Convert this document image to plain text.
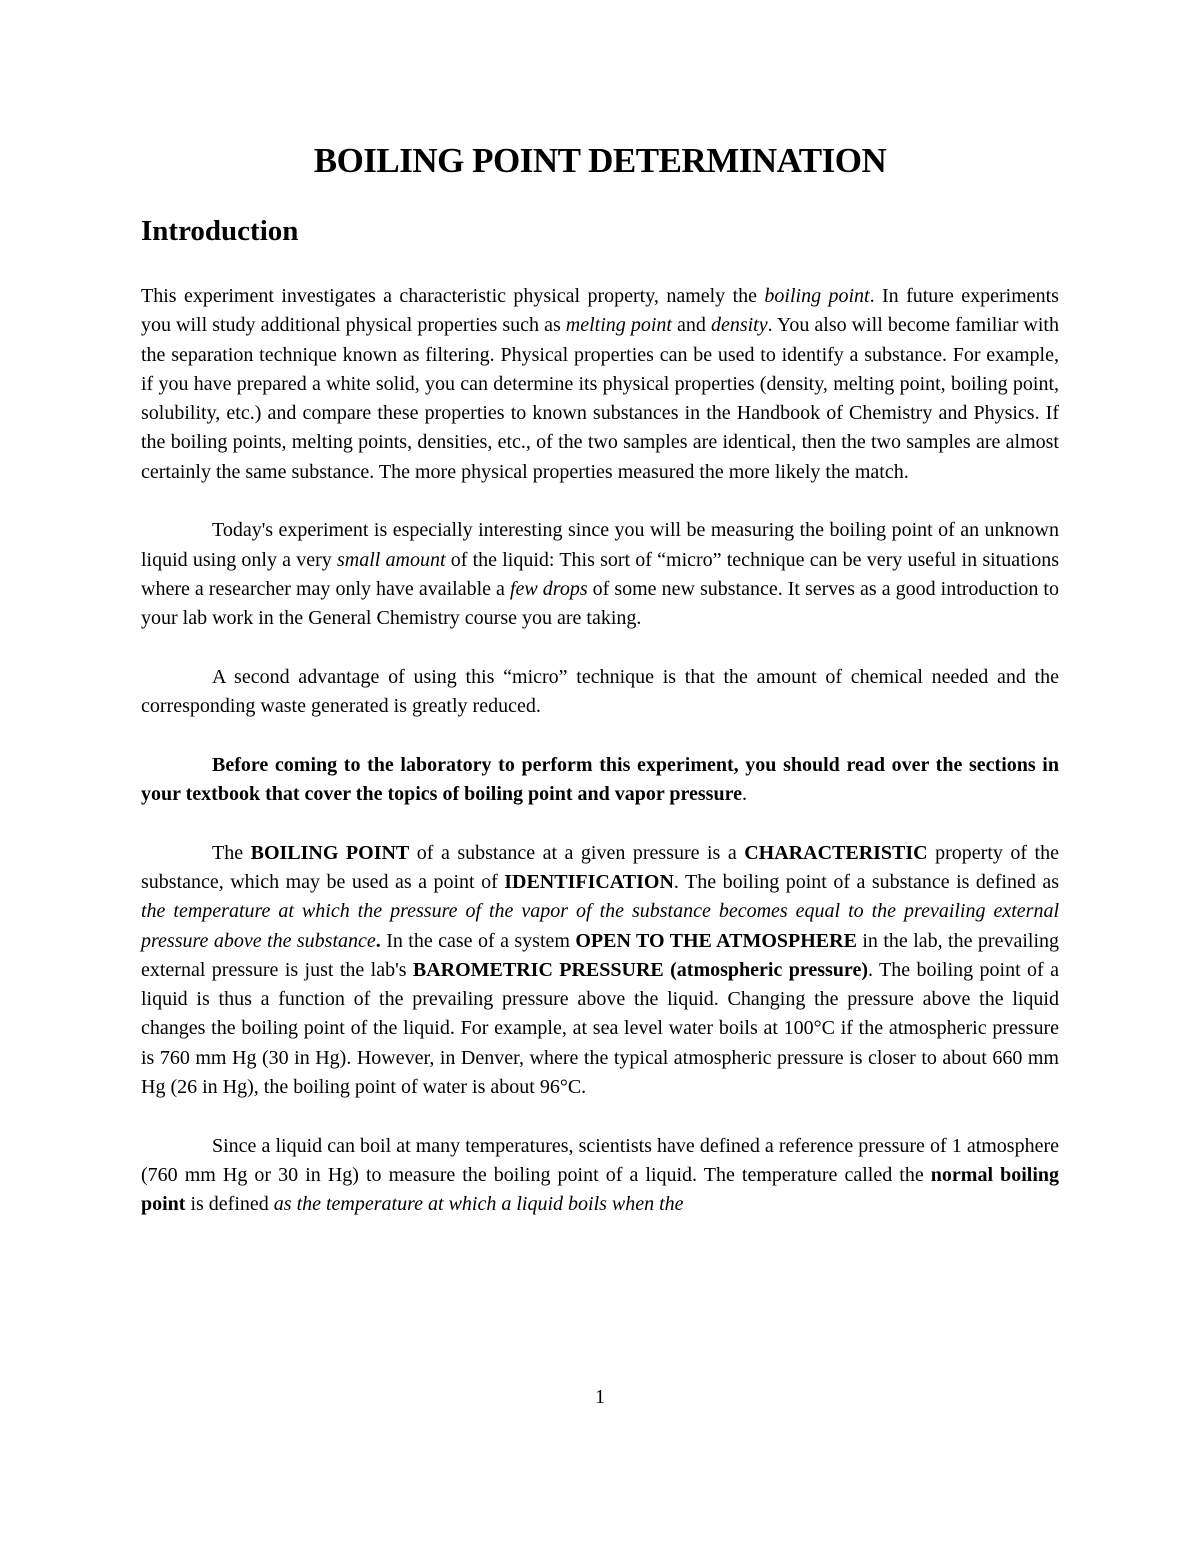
BOILING POINT DETERMINATION
Introduction

This experiment investigates a characteristic physical property, namely the boiling point. In future experiments you will study additional physical properties such as melting point and density. You also will become familiar with the separation technique known as filtering. Physical properties can be used to identify a substance. For example, if you have prepared a white solid, you can determine its physical properties (density, melting point, boiling point, solubility, etc.) and compare these properties to known substances in the Handbook of Chemistry and Physics. If the boiling points, melting points, densities, etc., of the two samples are identical, then the two samples are almost certainly the same substance. The more physical properties measured the more likely the match.

Today's experiment is especially interesting since you will be measuring the boiling point of an unknown liquid using only a very small amount of the liquid: This sort of “micro” technique can be very useful in situations where a researcher may only have available a few drops of some new substance. It serves as a good introduction to your lab work in the General Chemistry course you are taking.

A second advantage of using this “micro” technique is that the amount of chemical needed and the corresponding waste generated is greatly reduced.

Before coming to the laboratory to perform this experiment, you should read over the sections in your textbook that cover the topics of boiling point and vapor pressure.

The BOILING POINT of a substance at a given pressure is a CHARACTERISTIC property of the substance, which may be used as a point of IDENTIFICATION. The boiling point of a substance is defined as the temperature at which the pressure of the vapor of the substance becomes equal to the prevailing external pressure above the substance. In the case of a system OPEN TO THE ATMOSPHERE in the lab, the prevailing external pressure is just the lab's BAROMETRIC PRESSURE (atmospheric pressure). The boiling point of a liquid is thus a function of the prevailing pressure above the liquid. Changing the pressure above the liquid changes the boiling point of the liquid. For example, at sea level water boils at 100°C if the atmospheric pressure is 760 mm Hg (30 in Hg). However, in Denver, where the typical atmospheric pressure is closer to about 660 mm Hg (26 in Hg), the boiling point of water is about 96°C.

Since a liquid can boil at many temperatures, scientists have defined a reference pressure of 1 atmosphere (760 mm Hg or 30 in Hg) to measure the boiling point of a liquid. The temperature called the normal boiling point is defined as the temperature at which a liquid boils when the

1
